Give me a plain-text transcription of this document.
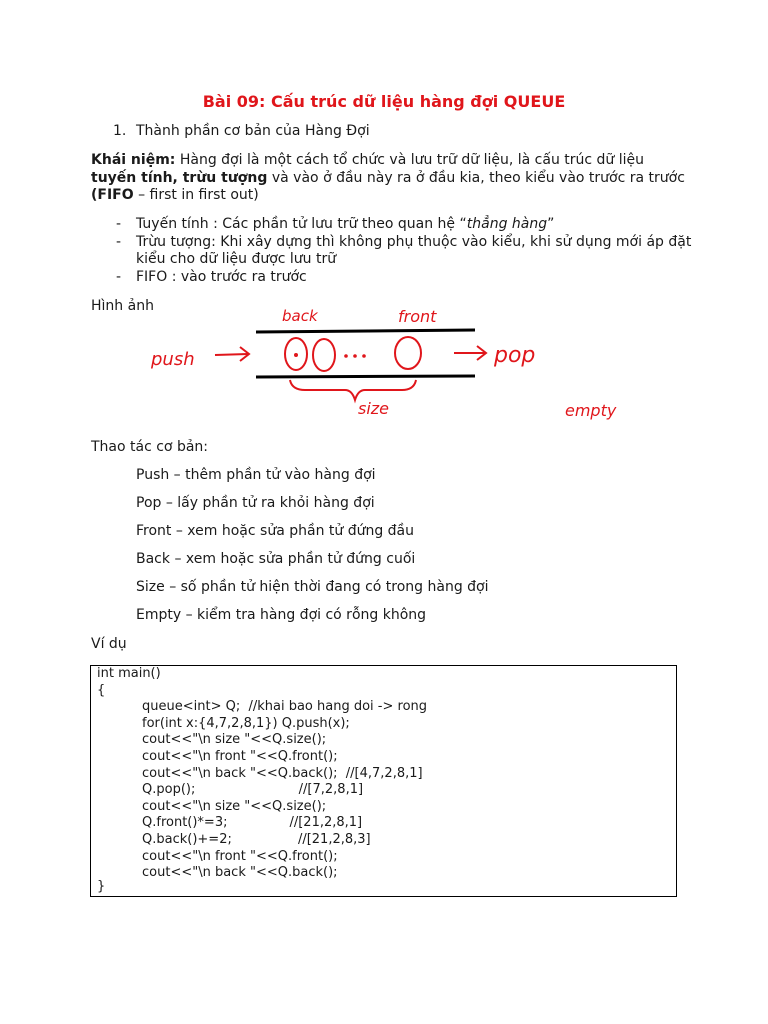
Bài 09: Cấu trúc dữ liệu hàng đợi QUEUE
1. Thành phần cơ bản của Hàng Đợi
Khái niệm: Hàng đợi là một cách tổ chức và lưu trữ dữ liệu, là cấu trúc dữ liệu
tuyến tính, trừu tượng và vào ở đầu này ra ở đầu kia, theo kiểu vào trước ra trước
(FIFO – first in first out)
- Tuyến tính : Các phần tử lưu trữ theo quan hệ “thẳng hàng”
- Trừu tượng: Khi xây dựng thì không phụ thuộc vào kiểu, khi sử dụng mới áp đặt kiểu cho dữ liệu được lưu trữ
- FIFO : vào trước ra trước
Hình ảnh
back	front
push	pop
size	empty
Thao tác cơ bản:
Push – thêm phần tử vào hàng đợi
Pop – lấy phần tử ra khỏi hàng đợi
Front – xem hoặc sửa phần tử đứng đầu
Back – xem hoặc sửa phần tử đứng cuối
Size – số phần tử hiện thời đang có trong hàng đợi
Empty – kiểm tra hàng đợi có rỗng không
Ví dụ
int main()
{
queue<int> Q;  //khai bao hang doi -> rong
for(int x:{4,7,2,8,1}) Q.push(x);
cout<<"\n size "<<Q.size();
cout<<"\n front "<<Q.front();
cout<<"\n back "<<Q.back();  //[4,7,2,8,1]
Q.pop();                         //[7,2,8,1]
cout<<"\n size "<<Q.size();
Q.front()*=3;               //[21,2,8,1]
Q.back()+=2;                //[21,2,8,3]
cout<<"\n front "<<Q.front();
cout<<"\n back "<<Q.back();
}
